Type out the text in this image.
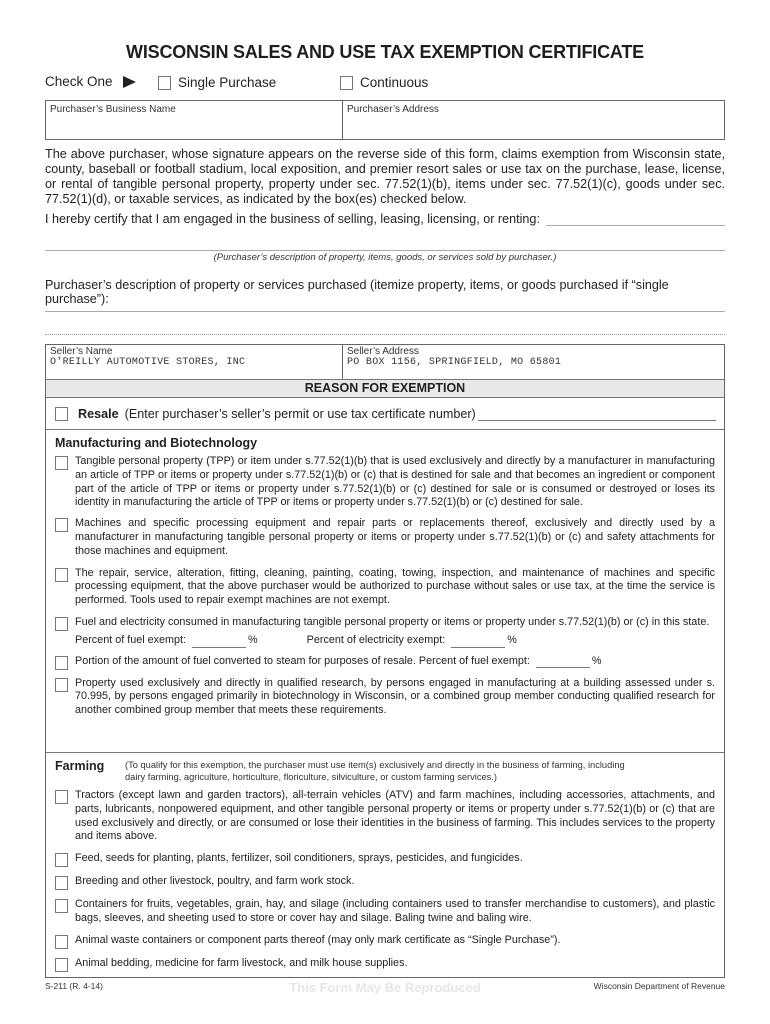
WISCONSIN SALES AND USE TAX EXEMPTION CERTIFICATE
Check One	Single Purchase	Continuous
Purchaser’s Business Name	Purchaser’s Address
The above purchaser, whose signature appears on the reverse side of this form, claims exemption from Wisconsin state, county, baseball or football stadium, local exposition, and premier resort sales or use tax on the purchase, lease, license, or rental of tangible personal property, property under sec. 77.52(1)(b), items under sec. 77.52(1)(c), goods under sec. 77.52(1)(d), or taxable services, as indicated by the box(es) checked below.
I hereby certify that I am engaged in the business of selling, leasing, licensing, or renting:
(Purchaser’s description of property, items, goods, or services sold by purchaser.)
Purchaser’s description of property or services purchased (itemize property, items, or goods purchased if “single purchase”):
Seller’s Name
O'REILLY AUTOMOTIVE STORES, INC
Seller’s Address
PO BOX 1156, SPRINGFIELD, MO 65801
REASON FOR EXEMPTION
Resale (Enter purchaser’s seller’s permit or use tax certificate number)
Manufacturing and Biotechnology
Tangible personal property (TPP) or item under s.77.52(1)(b) that is used exclusively and directly by a manufacturer in manufacturing an article of TPP or items or property under s.77.52(1)(b) or (c) that is destined for sale and that becomes an ingredient or component part of the article of TPP or items or property under s.77.52(1)(b) or (c) destined for sale or is consumed or destroyed or loses its identity in manufacturing the article of TPP or items or property under s.77.52(1)(b) or (c) destined for sale.
Machines and specific processing equipment and repair parts or replacements thereof, exclusively and directly used by a manufacturer in manufacturing tangible personal property or items or property under s.77.52(1)(b) or (c) and safety attachments for those machines and equipment.
The repair, service, alteration, fitting, cleaning, painting, coating, towing, inspection, and maintenance of machines and specific processing equipment, that the above purchaser would be authorized to purchase without sales or use tax, at the time the service is performed. Tools used to repair exempt machines are not exempt.
Fuel and electricity consumed in manufacturing tangible personal property or items or property under s.77.52(1)(b) or (c) in this state.
Percent of fuel exempt:	%	Percent of electricity exempt:	%
Portion of the amount of fuel converted to steam for purposes of resale. Percent of fuel exempt:	%
Property used exclusively and directly in qualified research, by persons engaged in manufacturing at a building assessed under s. 70.995, by persons engaged primarily in biotechnology in Wisconsin, or a combined group member conducting qualified research for another combined group member that meets these requirements.
Farming	(To qualify for this exemption, the purchaser must use item(s) exclusively and directly in the business of farming, including dairy farming, agriculture, horticulture, floriculture, silviculture, or custom farming services.)
Tractors (except lawn and garden tractors), all-terrain vehicles (ATV) and farm machines, including accessories, attachments, and parts, lubricants, nonpowered equipment, and other tangible personal property or items or property under s.77.52(1)(b) or (c) that are used exclusively and directly, or are consumed or lose their identities in the business of farming. This includes services to the property and items above.
Feed, seeds for planting, plants, fertilizer, soil conditioners, sprays, pesticides, and fungicides.
Breeding and other livestock, poultry, and farm work stock.
Containers for fruits, vegetables, grain, hay, and silage (including containers used to transfer merchandise to customers), and plastic bags, sleeves, and sheeting used to store or cover hay and silage. Baling twine and baling wire.
Animal waste containers or component parts thereof (may only mark certificate as “Single Purchase”).
Animal bedding, medicine for farm livestock, and milk house supplies.
S-211 (R. 4-14)	This Form May Be Reproduced	Wisconsin Department of Revenue
